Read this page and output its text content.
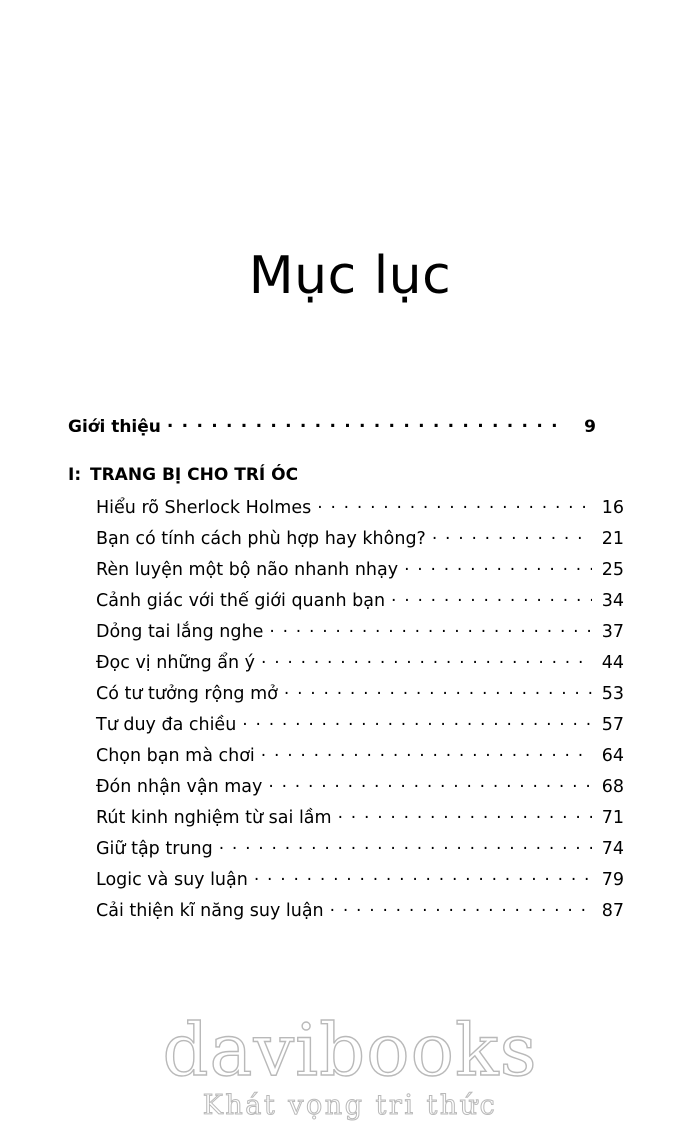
Mục lục
Giới thiệu . . .	9
I: TRANG BỊ CHO TRÍ ÓC
Hiểu rõ Sherlock Holmes . . .	16
Bạn có tính cách phù hợp hay không? . . .	21
Rèn luyện một bộ não nhanh nhạy . . .	25
Cảnh giác với thế giới quanh bạn . . .	34
Dỏng tai lắng nghe . . .	37
Đọc vị những ẩn ý . . .	44
Có tư tưởng rộng mở . . .	53
Tư duy đa chiều . . .	57
Chọn bạn mà chơi . . .	64
Đón nhận vận may . . .	68
Rút kinh nghiệm từ sai lầm . . .	71
Giữ tập trung . . .	74
Logic và suy luận . . .	79
Cải thiện kĩ năng suy luận . . .	87
davibooks
Khát vọng tri thức
